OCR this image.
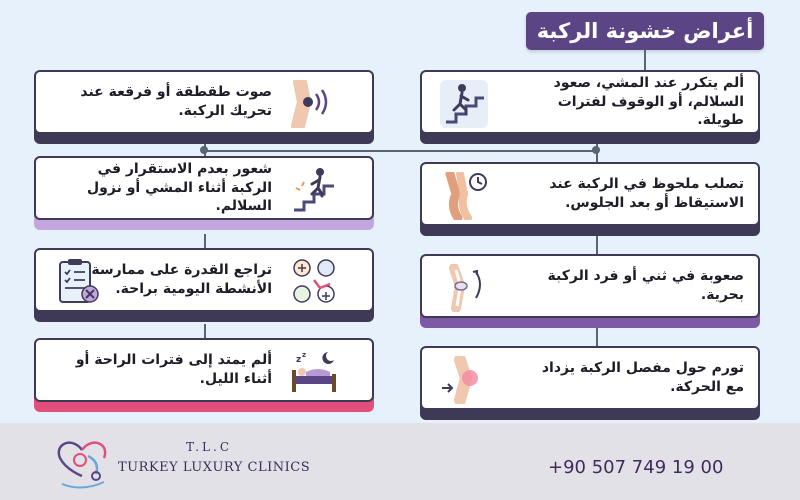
أعراض خشونة الركبة
ألم يتكرر عند المشي، صعود السلالم، أو الوقوف لفترات طويلة.
تصلب ملحوظ في الركبة عند الاستيقاظ أو بعد الجلوس.
صعوبة في ثني أو فرد الركبة بحرية.
تورم حول مفصل الركبة يزداد مع الحركة.
صوت طقطقة أو فرقعة عند تحريك الركبة.
شعور بعدم الاستقرار في الركبة أثناء المشي أو نزول السلالم.
تراجع القدرة على ممارسة الأنشطة اليومية براحة.
z z
ألم يمتد إلى فترات الراحة أو أثناء الليل.
T.L.C
TURKEY LUXURY CLINICS	+90 507 749 19 00
